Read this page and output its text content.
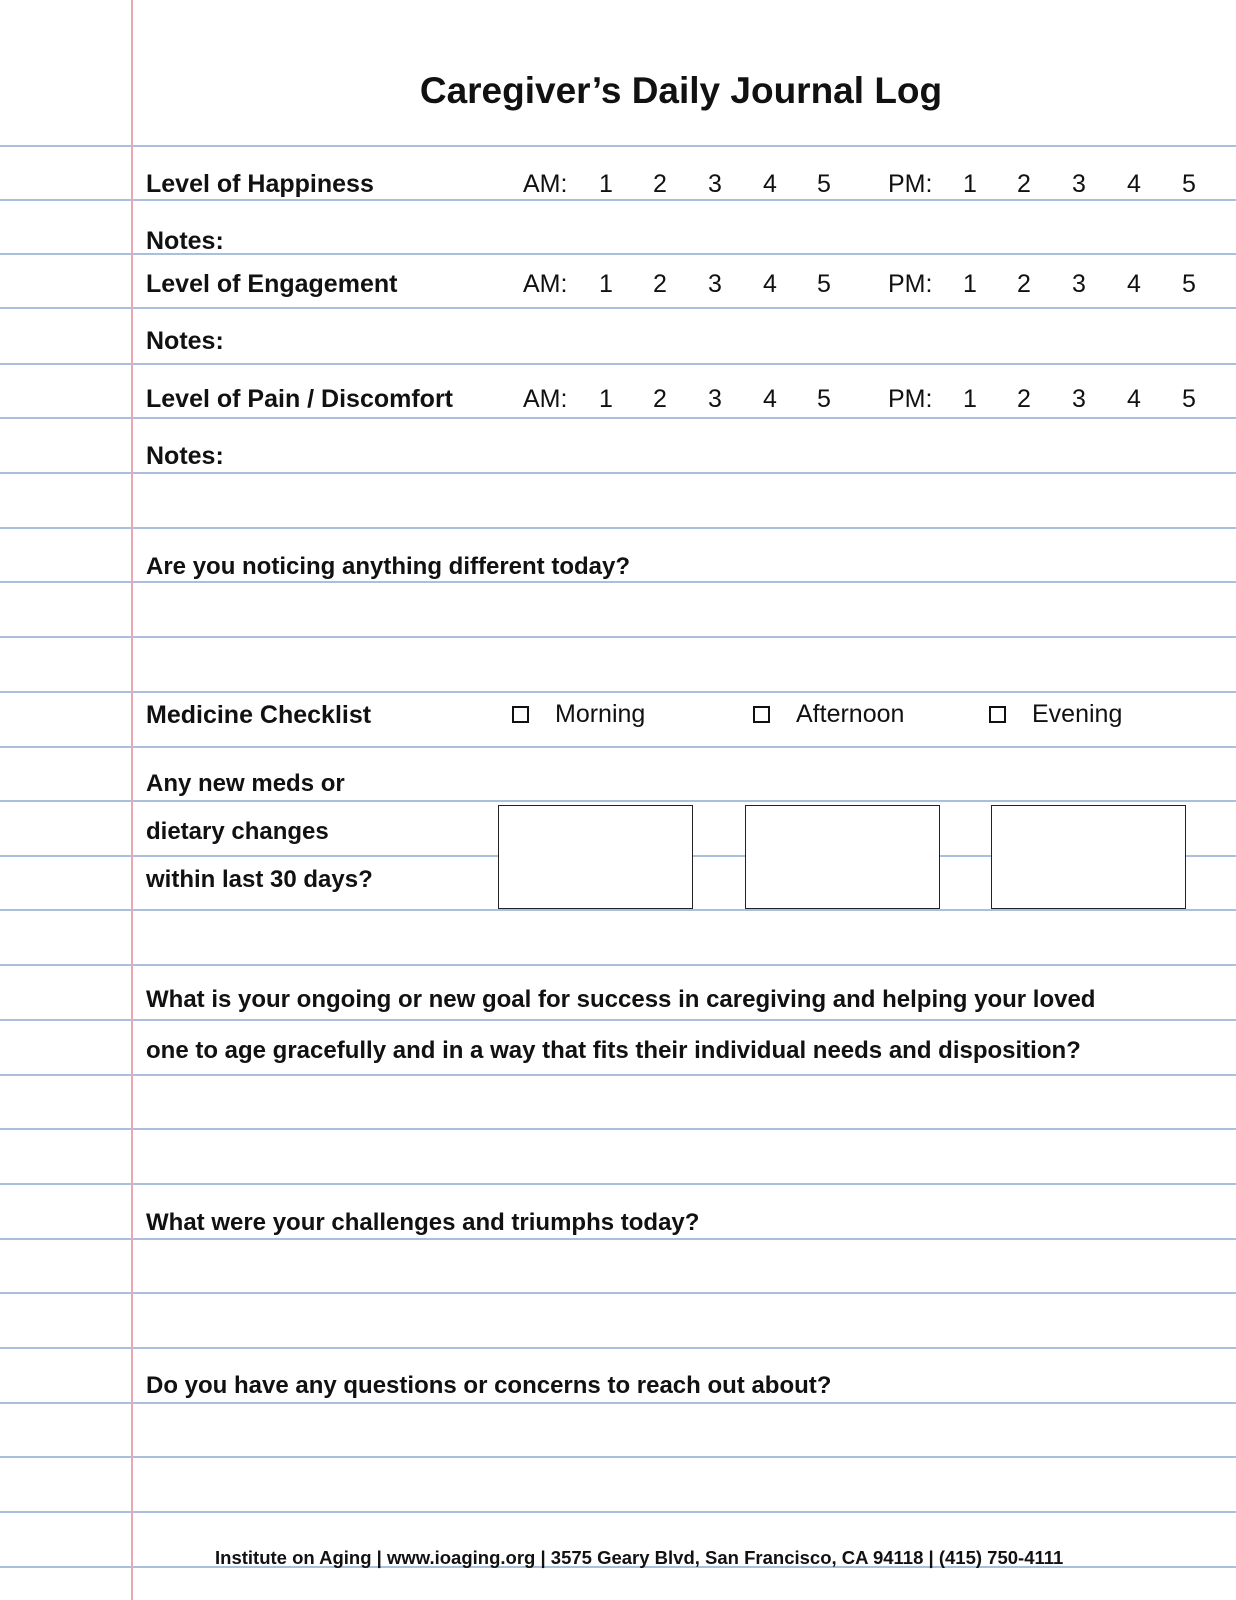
Caregiver’s Daily Journal Log
Level of Happiness	AM: 1 2 3 4 5 PM: 1 2 3 4 5
Notes:
Level of Engagement	AM: 1 2 3 4 5 PM: 1 2 3 4 5
Notes:
Level of Pain / Discomfort	AM: 1 2 3 4 5 PM: 1 2 3 4 5
Notes:
Are you noticing anything different today?
Medicine Checklist	Morning	Afternoon	Evening
Any new meds or
dietary changes
within last 30 days?
What is your ongoing or new goal for success in caregiving and helping your loved
one to age gracefully and in a way that fits their individual needs and disposition?
What were your challenges and triumphs today?
Do you have any questions or concerns to reach out about?
Institute on Aging | www.ioaging.org | 3575 Geary Blvd, San Francisco, CA 94118 | (415) 750-4111
